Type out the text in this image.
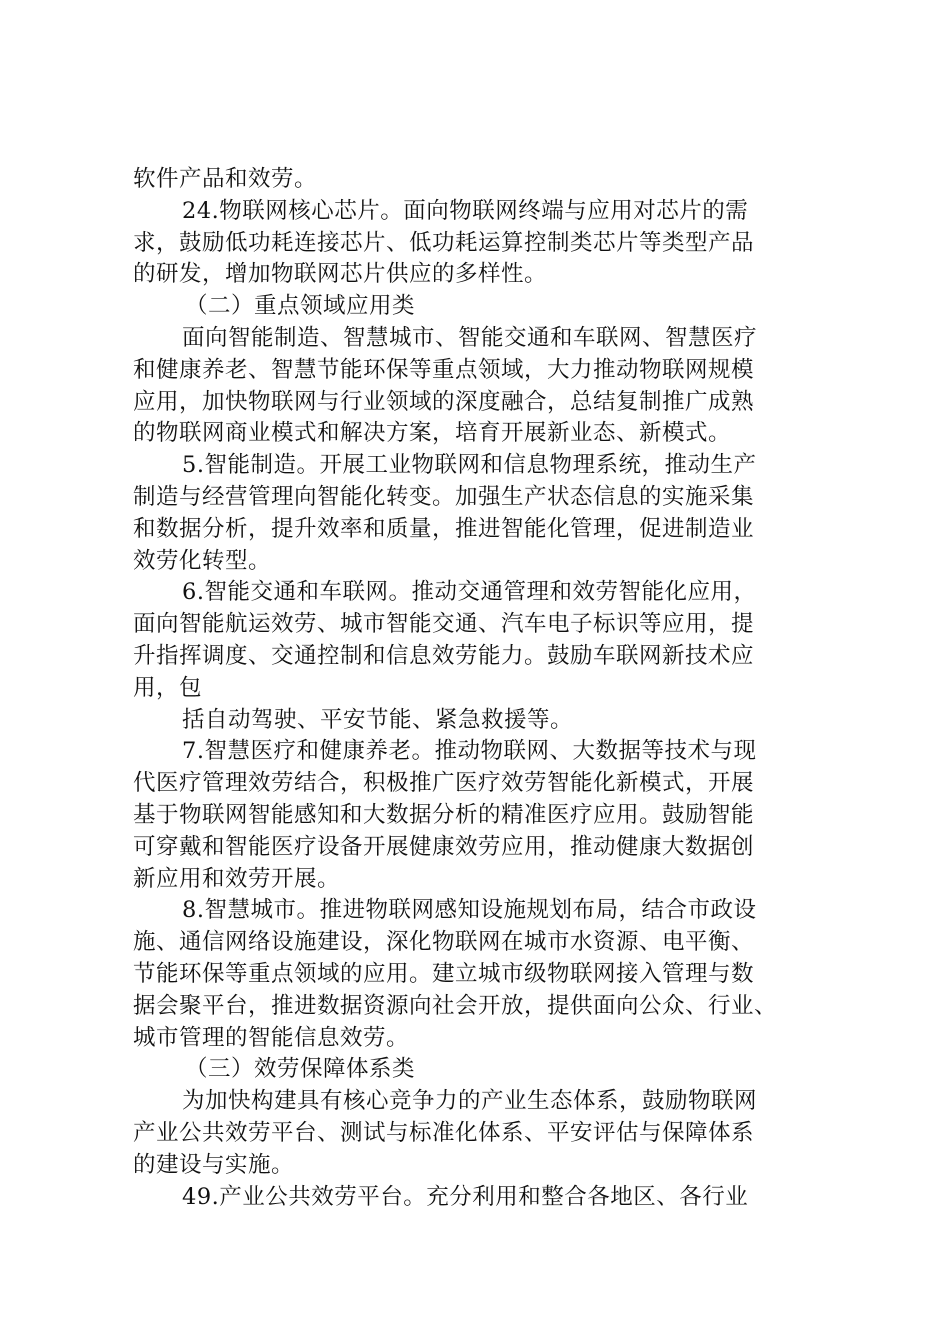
软件产品和效劳。
24.物联网核心芯片。面向物联网终端与应用对芯片的需
求，鼓励低功耗连接芯片、低功耗运算控制类芯片等类型产品
的研发，增加物联网芯片供应的多样性。
（二）重点领域应用类
面向智能制造、智慧城市、智能交通和车联网、智慧医疗
和健康养老、智慧节能环保等重点领域，大力推动物联网规模
应用，加快物联网与行业领域的深度融合，总结复制推广成熟
的物联网商业模式和解决方案，培育开展新业态、新模式。
5.智能制造。开展工业物联网和信息物理系统，推动生产
制造与经营管理向智能化转变。加强生产状态信息的实施采集
和数据分析，提升效率和质量，推进智能化管理，促进制造业
效劳化转型。
6.智能交通和车联网。推动交通管理和效劳智能化应用，
面向智能航运效劳、城市智能交通、汽车电子标识等应用，提
升指挥调度、交通控制和信息效劳能力。鼓励车联网新技术应
用，包
括自动驾驶、平安节能、紧急救援等。
7.智慧医疗和健康养老。推动物联网、大数据等技术与现
代医疗管理效劳结合，积极推广医疗效劳智能化新模式，开展
基于物联网智能感知和大数据分析的精准医疗应用。鼓励智能
可穿戴和智能医疗设备开展健康效劳应用，推动健康大数据创
新应用和效劳开展。
8.智慧城市。推进物联网感知设施规划布局，结合市政设
施、通信网络设施建设，深化物联网在城市水资源、电平衡、
节能环保等重点领域的应用。建立城市级物联网接入管理与数
据会聚平台，推进数据资源向社会开放，提供面向公众、行业、
城市管理的智能信息效劳。
（三）效劳保障体系类
为加快构建具有核心竞争力的产业生态体系，鼓励物联网
产业公共效劳平台、测试与标准化体系、平安评估与保障体系
的建设与实施。
49.产业公共效劳平台。充分利用和整合各地区、各行业
